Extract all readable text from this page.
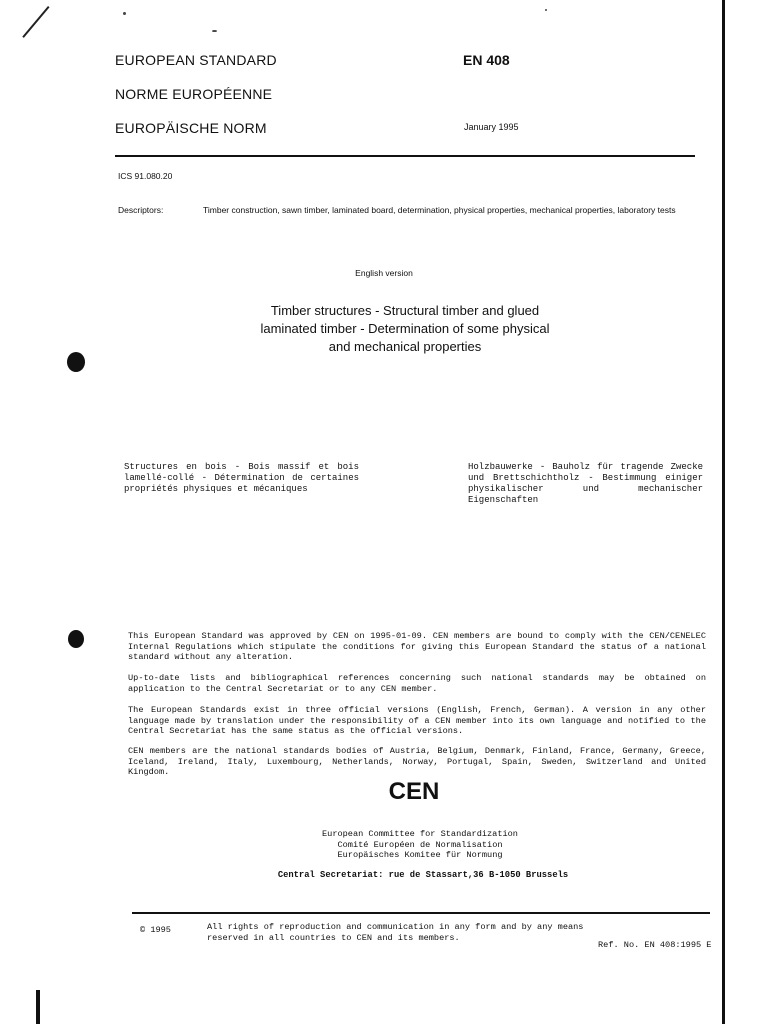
EUROPEAN STANDARD
NORME EUROPÉENNE
EUROPÄISCHE NORM
EN 408
January 1995
ICS 91.080.20
Descriptors:	Timber construction, sawn timber, laminated board, determination, physical properties, mechanical properties, laboratory tests
English version
Timber structures - Structural timber and glued
laminated timber - Determination of some physical
and mechanical properties
Structures en bois - Bois massif et bois lamellé-collé - Détermination de certaines propriétés physiques et mécaniques
Holzbauwerke - Bauholz für tragende Zwecke und Brettschichtholz - Bestimmung einiger physikalischer und mechanischer Eigenschaften
This European Standard was approved by CEN on 1995-01-09. CEN members are bound to comply with the CEN/CENELEC Internal Regulations which stipulate the conditions for giving this European Standard the status of a national standard without any alteration.
Up-to-date lists and bibliographical references concerning such national standards may be obtained on application to the Central Secretariat or to any CEN member.
The European Standards exist in three official versions (English, French, German). A version in any other language made by translation under the responsibility of a CEN member into its own language and notified to the Central Secretariat has the same status as the official versions.
CEN members are the national standards bodies of Austria, Belgium, Denmark, Finland, France, Germany, Greece, Iceland, Ireland, Italy, Luxembourg, Netherlands, Norway, Portugal, Spain, Sweden, Switzerland and United Kingdom.
CEN
European Committee for Standardization
Comité Européen de Normalisation
Europäisches Komitee für Normung
Central Secretariat: rue de Stassart,36 B-1050 Brussels
© 1995	All rights of reproduction and communication in any form and by any means reserved in all countries to CEN and its members.
Ref. No. EN 408:1995 E
